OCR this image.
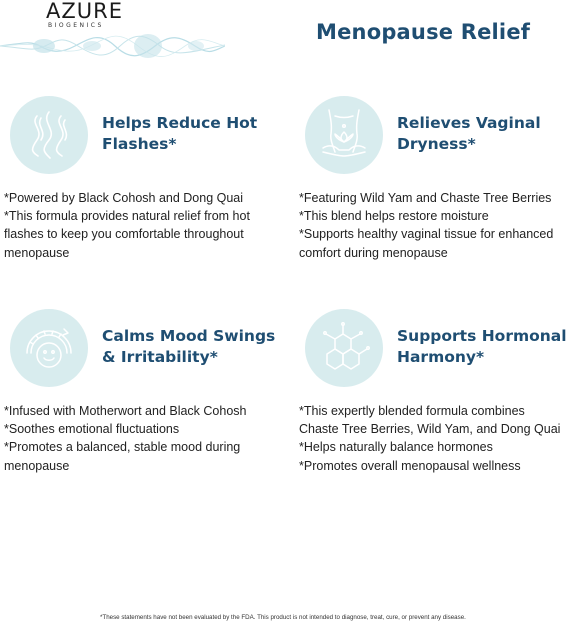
AZURE
BIOGENICS	Menopause Relief
Helps Reduce Hot Flashes*
*Powered by Black Cohosh and Dong Quai
*This formula provides natural relief from hot flashes to keep you comfortable throughout menopause
Relieves Vaginal Dryness*
*Featuring Wild Yam and Chaste Tree Berries
*This blend helps restore moisture
*Supports healthy vaginal tissue for enhanced comfort during menopause
Calms Mood Swings & Irritability*
*Infused with Motherwort and Black Cohosh
*Soothes emotional fluctuations
*Promotes a balanced, stable mood during menopause
Supports Hormonal Harmony*
*This expertly blended formula combines Chaste Tree Berries, Wild Yam, and Dong Quai
*Helps naturally balance hormones
*Promotes overall menopausal wellness
*These statements have not been evaluated by the FDA. This product is not intended to diagnose, treat, cure, or prevent any disease.
